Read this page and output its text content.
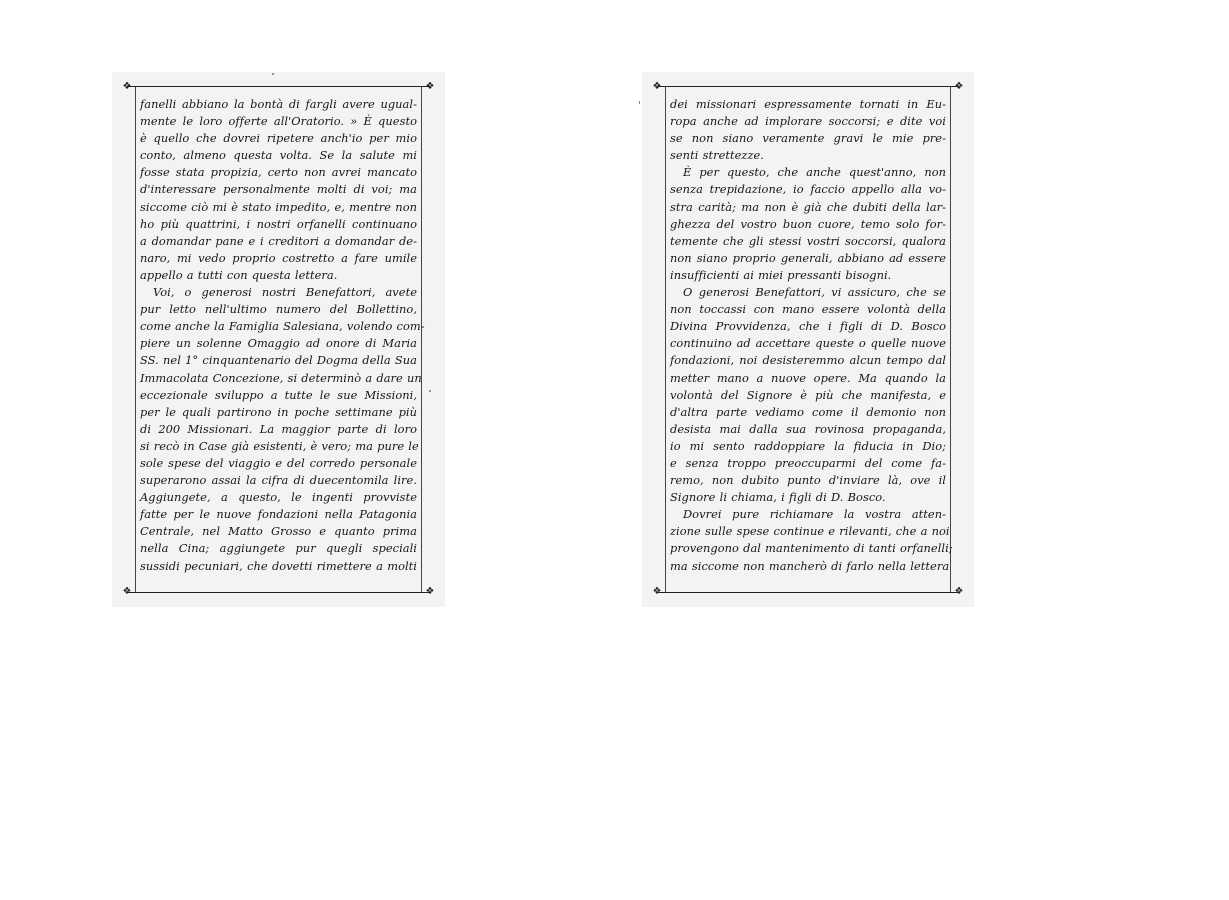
❖	❖
❖	❖
fanelli abbiano la bontà di fargli avere ugual-
mente le loro offerte all'Oratorio. » È questo
è quello che dovrei ripetere anch'io per mio
conto, almeno questa volta. Se la salute mi
fosse stata propizia, certo non avrei mancato
d'interessare personalmente molti di voi; ma
siccome ciò mi è stato impedito, e, mentre non
ho più quattrini, i nostri orfanelli continuano
a domandar pane e i creditori a domandar de-
naro, mi vedo proprio costretto a fare umile
appello a tutti con questa lettera.
Voi, o generosi nostri Benefattori, avete
pur letto nell'ultimo numero del Bollettino,
come anche la Famiglia Salesiana, volendo com-
piere un solenne Omaggio ad onore di Maria
SS. nel 1° cinquantenario del Dogma della Sua
Immacolata Concezione, si determinò a dare un
eccezionale sviluppo a tutte le sue Missioni,
per le quali partirono in poche settimane più
di 200 Missionari. La maggior parte di loro
si recò in Case già esistenti, è vero; ma pure le
sole spese del viaggio e del corredo personale
superarono assai la cifra di duecentomila lire.
Aggiungete, a questo, le ingenti provviste
fatte per le nuove fondazioni nella Patagonia
Centrale, nel Matto Grosso e quanto prima
nella Cina; aggiungete pur quegli speciali
sussidi pecuniari, che dovetti rimettere a molti
❖	❖
❖	❖
dei missionari espressamente tornati in Eu-
ropa anche ad implorare soccorsi; e dite voi
se non siano veramente gravi le mie pre-
senti strettezze.
È per questo, che anche quest'anno, non
senza trepidazione, io faccio appello alla vo-
stra carità; ma non è già che dubiti della lar-
ghezza del vostro buon cuore, temo solo for-
temente che gli stessi vostri soccorsi, qualora
non siano proprio generali, abbiano ad essere
insufficienti ai miei pressanti bisogni.
O generosi Benefattori, vi assicuro, che se
non toccassi con mano essere volontà della
Divina Provvidenza, che i figli di D. Bosco
continuino ad accettare queste o quelle nuove
fondazioni, noi desisteremmo alcun tempo dal
metter mano a nuove opere. Ma quando la
volontà del Signore è più che manifesta, e
d'altra parte vediamo come il demonio non
desista mai dalla sua rovinosa propaganda,
io mi sento raddoppiare la fiducia in Dio;
e senza troppo preoccuparmi del come fa-
remo, non dubito punto d'inviare là, ove il
Signore li chiama, i figli di D. Bosco.
Dovrei pure richiamare la vostra atten-
zione sulle spese continue e rilevanti, che a noi
provengono dal mantenimento di tanti orfanelli;
ma siccome non mancherò di farlo nella lettera
